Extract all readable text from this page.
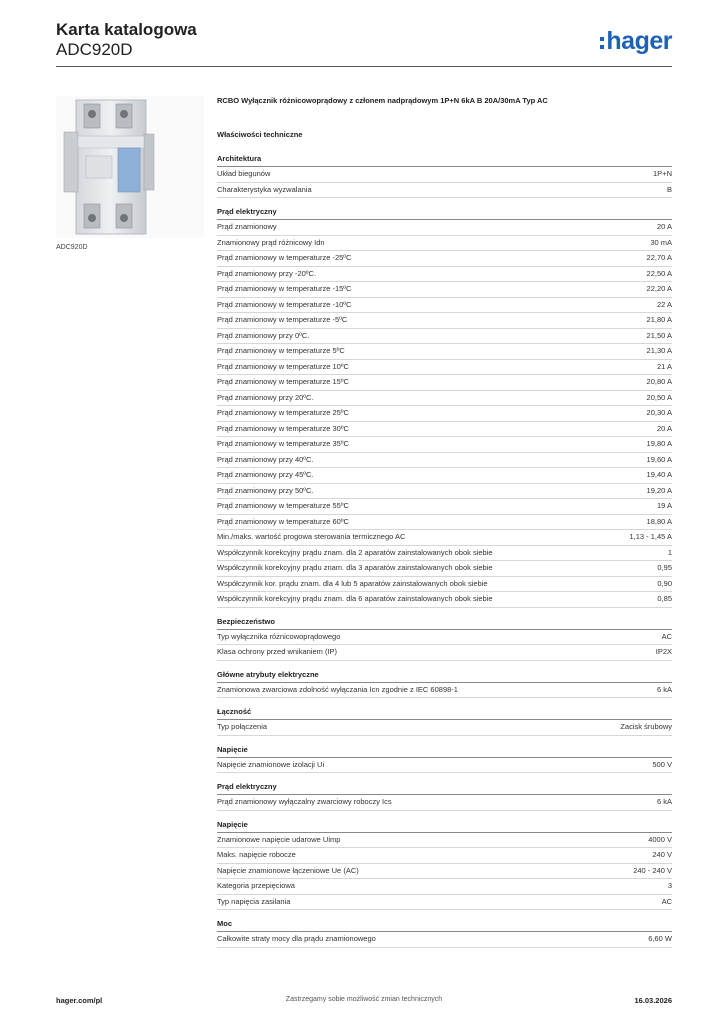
Karta katalogowa
ADC920D	hager
ADC920D
RCBO Wyłącznik różnicowoprądowy z członem nadprądowym 1P+N 6kA B 20A/30mA Typ AC
Właściwości techniczne
Architektura
Układ biegunów	1P+N
Charakterystyka wyzwalania	B
Prąd elektryczny
Prąd znamionowy	20 A
Znamionowy prąd różnicowy Idn	30 mA
Prąd znamionowy w temperaturze -25ºC	22,70 A
Prąd znamionowy przy -20ºC.	22,50 A
Prąd znamionowy w temperaturze -15ºC	22,20 A
Prąd znamionowy w temperaturze -10ºC	22 A
Prąd znamionowy w temperaturze -5ºC	21,80 A
Prąd znamionowy przy 0ºC.	21,50 A
Prąd znamionowy w temperaturze 5ºC	21,30 A
Prąd znamionowy w temperaturze 10ºC	21 A
Prąd znamionowy w temperaturze 15ºC	20,80 A
Prąd znamionowy przy 20ºC.	20,50 A
Prąd znamionowy w temperaturze 25ºC	20,30 A
Prąd znamionowy w temperaturze 30ºC	20 A
Prąd znamionowy w temperaturze 35ºC	19,80 A
Prąd znamionowy przy 40ºC.	19,60 A
Prąd znamionowy przy 45ºC.	19,40 A
Prąd znamionowy przy 50ºC.	19,20 A
Prąd znamionowy w temperaturze 55ºC	19 A
Prąd znamionowy w temperaturze 60ºC	18,80 A
Min./maks. wartość progowa sterowania termicznego AC	1,13 - 1,45 A
Współczynnik korekcyjny prądu znam. dla 2 aparatów zainstalowanych obok siebie	1
Współczynnik korekcyjny prądu znam. dla 3 aparatów zainstalowanych obok siebie	0,95
Współczynnik kor. prądu znam. dla 4 lub 5 aparatów zainstalowanych obok siebie	0,90
Współczynnik korekcyjny prądu znam. dla 6 aparatów zainstalowanych obok siebie	0,85
Bezpieczeństwo
Typ wyłącznika różnicowoprądowego	AC
Klasa ochrony przed wnikaniem (IP)	IP2X
Główne atrybuty elektryczne
Znamionowa zwarciowa zdolność wyłączania Icn zgodnie z IEC 60898-1	6 kA
Łączność
Typ połączenia	Zacisk śrubowy
Napięcie
Napięcie znamionowe izolacji Ui	500 V
Prąd elektryczny
Prąd znamionowy wyłączalny zwarciowy roboczy Ics	6 kA
Napięcie
Znamionowe napięcie udarowe Uimp	4000 V
Maks. napięcie robocze	240 V
Napięcie znamionowe łączeniowe Ue (AC)	240 - 240 V
Kategoria przepięciowa	3
Typ napięcia zasilania	AC
Moc
Całkowite straty mocy dla prądu znamionowego	6,60 W
hager.com/pl	Zastrzegamy sobie możliwość zmian technicznych	16.03.2026
